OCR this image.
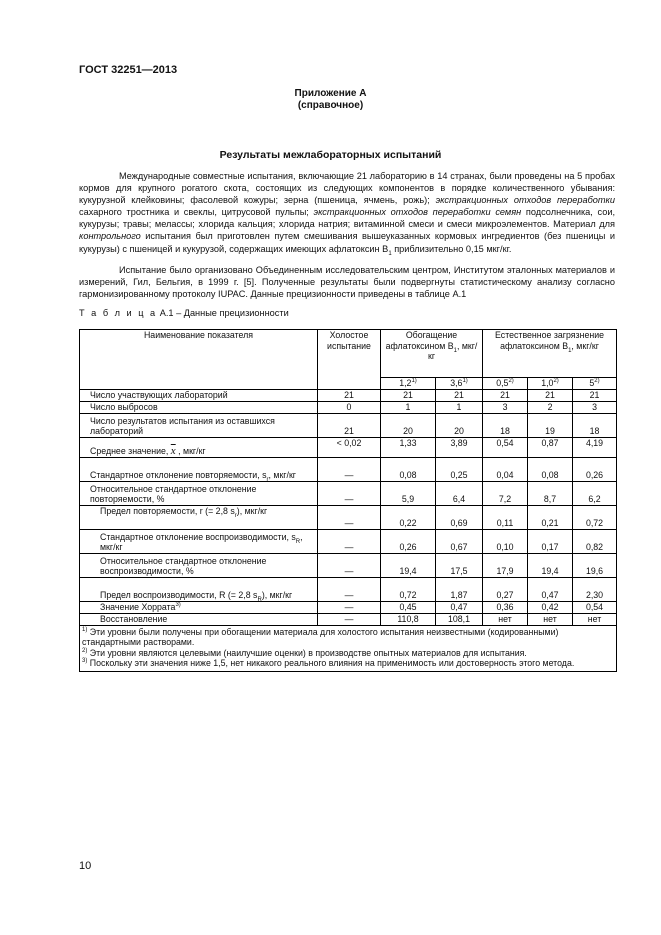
ГОСТ 32251—2013
Приложение А
(справочное)
Результаты межлабораторных испытаний

Международные совместные испытания, включающие 21 лабораторию в 14 странах, были проведены на 5 пробах кормов для крупного рогатого скота, состоящих из следующих компонентов в порядке количественного убывания: кукурузной клейковины; фасолевой кожуры; зерна (пшеница, ячмень, рожь); экстракционных отходов переработки сахарного тростника и свеклы, цитрусовой пульпы; экстракционных отходов переработки семян подсолнечника, сои, кукурузы; травы; мелассы; хлорида кальция; хлорида натрия; витаминной смеси и смеси микроэлементов. Материал для контрольного испытания был приготовлен путем смешивания вышеуказанных кормовых ингредиентов (без пшеницы и кукурузы) с пшеницей и кукурузой, содержащих имеющих афлатоксин $B_1$ приблизительно 0,15 мкг/кг.

Испытание было организовано Объединенным исследовательским центром, Институтом эталонных материалов и измерений, Гил, Бельгия, в 1999 г. [5]. Полученные результаты были подвергнуты статистическому анализу согласно гармонизированному протоколу IUPAC. Данные прецизионности приведены в таблице А.1

Т а б л и ц а А.1 – Данные прецизионности
Наименование показателя	Холостое испытание	Обогащение афлатоксином $B_1$, мкг/кг		Естественное загрязнение афлатоксином $B_1$, мкг/кг		
		1,2$^{1)}$	3,6$^{1)}$	0,5$^{2)}$	1,0$^{2)}$	5$^{2)}$
Число участвующих лабораторий	21	21	21	21	21	21
Число выбросов	0	1	1	3	2	3
Число результатов испытания из оставшихся лабораторий	21	20	20	18	19	18
Среднее значение, $\overline{x}$ , мкг/кг	< 0,02	1,33	3,89	0,54	0,87	4,19
Стандартное отклонение повторяемости, $s_r$, мкг/кг	—	0,08	0,25	0,04	0,08	0,26
Относительное стандартное отклонение повторяемости, %	—	5,9	6,4	7,2	8,7	6,2
Предел повторяемости, r (= 2,8 $s_r$), мкг/кг	—	0,22	0,69	0,11	0,21	0,72
Стандартное отклонение воспроизводимости, $s_R$, мкг/кг	—	0,26	0,67	0,10	0,17	0,82
Относительное стандартное отклонение воспроизводимости, %	—	19,4	17,5	17,9	19,4	19,6
Предел воспроизводимости, R (= 2,8 $s_R$), мкг/кг	—	0,72	1,87	0,27	0,47	2,30
Значение Хоррата$^{3)}$	—	0,45	0,47	0,36	0,42	0,54
Восстановление	—	110,8	108,1	нет	нет	нет

$^{1)}$ Эти уровни были получены при обогащении материала для холостого испытания неизвестными (кодированными) стандартными растворами.
$^{2)}$ Эти уровни являются целевыми (наилучшие оценки) в производстве опытных материалов для испытания.
$^{3)}$ Поскольку эти значения ниже 1,5, нет никакого реального влияния на применимость или достоверность этого метода.						
10
